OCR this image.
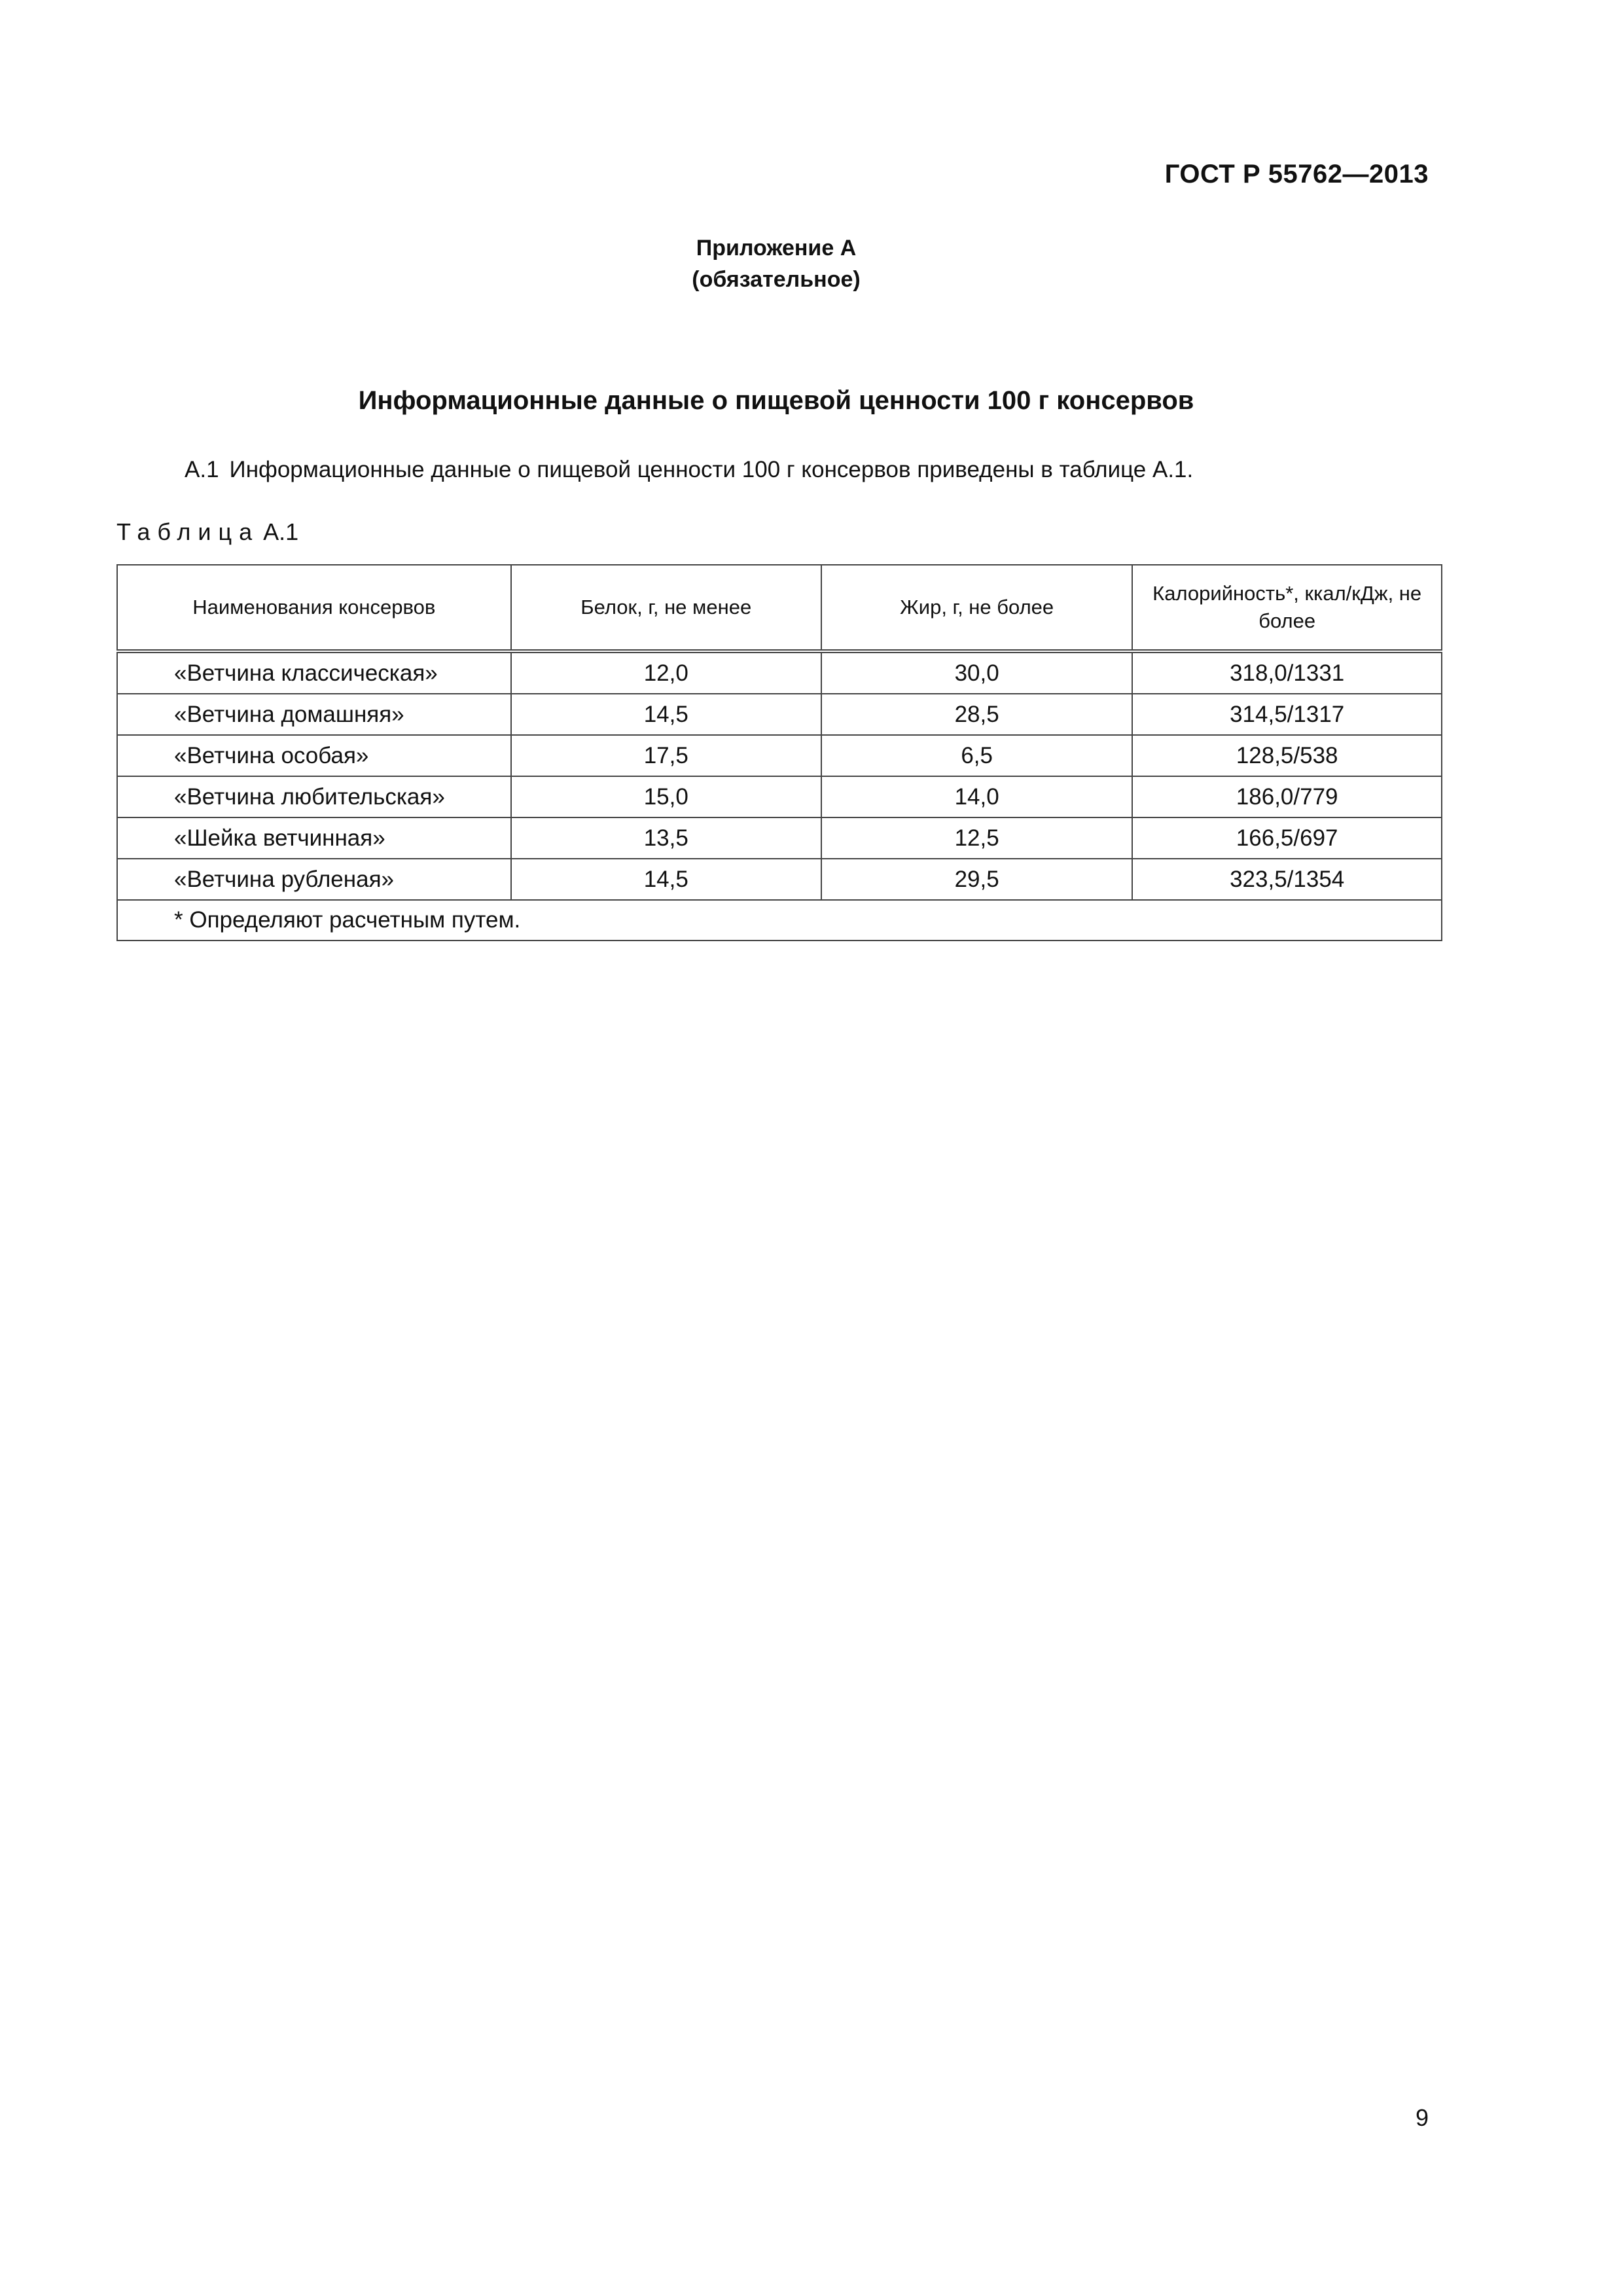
ГОСТ Р 55762—2013
Приложение А
(обязательное)
Информационные данные о пищевой ценности 100 г консервов
А.1 Информационные данные о пищевой ценности 100 г консервов приведены в таблице А.1.
Таблица А.1
Наименования консервов	Белок, г, не менее	Жир, г, не более	Калорийность*, ккал/кДж, не более
«Ветчина классическая»	12,0	30,0	318,0/1331
«Ветчина домашняя»	14,5	28,5	314,5/1317
«Ветчина особая»	17,5	6,5	128,5/538
«Ветчина любительская»	15,0	14,0	186,0/779
«Шейка ветчинная»	13,5	12,5	166,5/697
«Ветчина рубленая»	14,5	29,5	323,5/1354
* Определяют расчетным путем.			
9
